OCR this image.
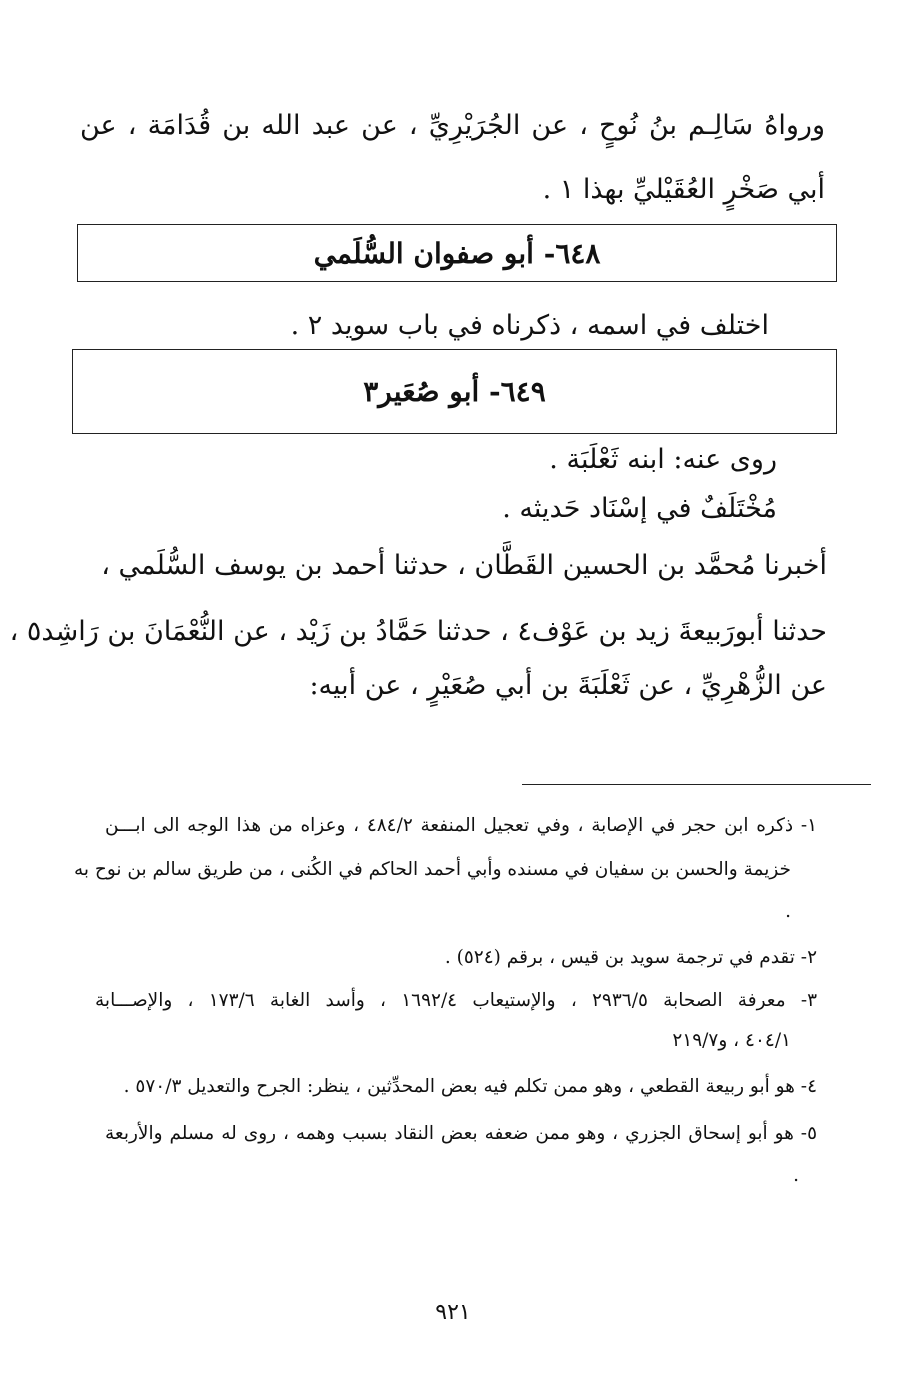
ورواهُ سَالِـم بنُ نُوحٍ ، عن الجُرَيْرِيِّ ، عن عبد الله بن قُدَامَة ، عن
أبي صَخْرٍ العُقَيْليِّ بهذا ١ .
٦٤٨- أبو صفوان السُّلَمي
اختلف في اسمه ، ذكرناه في باب سويد ٢ .
٦٤٩- أبو صُعَير٣
روى عنه: ابنه ثَعْلَبَة .
مُخْتَلَفٌ في إسْنَاد حَديثه .
أخبرنا مُحمَّد بن الحسين القَطَّان ، حدثنا أحمد بن يوسف السُّلَمي ،
حدثنا أبورَبيعةَ زيد بن عَوْف٤ ، حدثنا حَمَّادُ بن زَيْد ، عن النُّعْمَانَ بن رَاشِد٥ ،
عن الزُّهْرِيِّ ، عن ثَعْلَبَةَ بن أبي صُعَيْرٍ ، عن أبيه:
١- ذكره ابن حجر في الإصابة ، وفي تعجيل المنفعة ٤٨٤/٢ ، وعزاه من هذا الوجه الى ابـــن
خزيمة والحسن بن سفيان في مسنده وأبي أحمد الحاكم في الكُنى ، من طريق سالم بن نوح به
.
٢- تقدم في ترجمة سويد بن قيس ، برقم (٥٢٤) .
٣- معرفة الصحابة ٢٩٣٦/٥ ، والإستيعاب ١٦٩٢/٤ ، وأسد الغابة ١٧٣/٦ ، والإصـــابة
٤٠٤/١ ، و٢١٩/٧
٤- هو أبو ربيعة القطعي ، وهو ممن تكلم فيه بعض المحدِّثين ، ينظر: الجرح والتعديل ٥٧٠/٣ .
٥- هو أبو إسحاق الجزري ، وهو ممن ضعفه بعض النقاد بسبب وهمه ، روى له مسلم والأربعة
.
٩٢١
